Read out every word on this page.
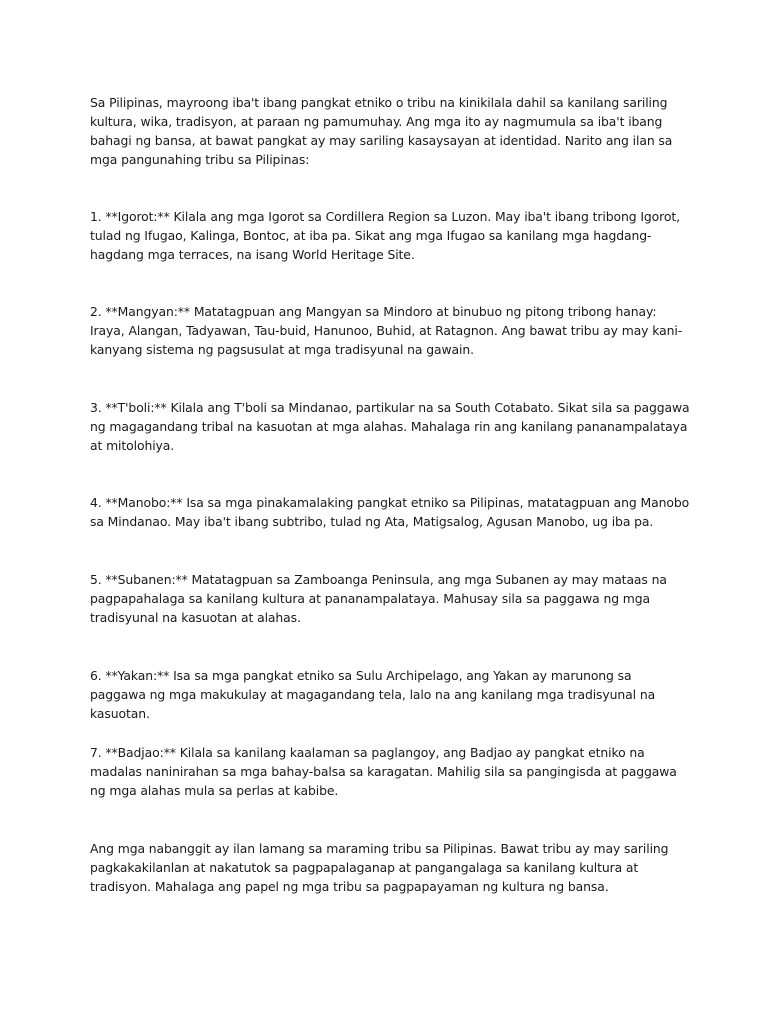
Sa Pilipinas, mayroong iba't ibang pangkat etniko o tribu na kinikilala dahil sa kanilang sariling kultura, wika, tradisyon, at paraan ng pamumuhay. Ang mga ito ay nagmumula sa iba't ibang bahagi ng bansa, at bawat pangkat ay may sariling kasaysayan at identidad. Narito ang ilan sa mga pangunahing tribu sa Pilipinas:

1. **Igorot:** Kilala ang mga Igorot sa Cordillera Region sa Luzon. May iba't ibang tribong Igorot, tulad ng Ifugao, Kalinga, Bontoc, at iba pa. Sikat ang mga Ifugao sa kanilang mga hagdang-hagdang mga terraces, na isang World Heritage Site.

2. **Mangyan:** Matatagpuan ang Mangyan sa Mindoro at binubuo ng pitong tribong hanay: Iraya, Alangan, Tadyawan, Tau-buid, Hanunoo, Buhid, at Ratagnon. Ang bawat tribu ay may kani-kanyang sistema ng pagsusulat at mga tradisyunal na gawain.

3. **T'boli:** Kilala ang T'boli sa Mindanao, partikular na sa South Cotabato. Sikat sila sa paggawa ng magagandang tribal na kasuotan at mga alahas. Mahalaga rin ang kanilang pananampalataya at mitolohiya.

4. **Manobo:** Isa sa mga pinakamalaking pangkat etniko sa Pilipinas, matatagpuan ang Manobo sa Mindanao. May iba't ibang subtribo, tulad ng Ata, Matigsalog, Agusan Manobo, ug iba pa.

5. **Subanen:** Matatagpuan sa Zamboanga Peninsula, ang mga Subanen ay may mataas na pagpapahalaga sa kanilang kultura at pananampalataya. Mahusay sila sa paggawa ng mga tradisyunal na kasuotan at alahas.

6. **Yakan:** Isa sa mga pangkat etniko sa Sulu Archipelago, ang Yakan ay marunong sa paggawa ng mga makukulay at magagandang tela, lalo na ang kanilang mga tradisyunal na kasuotan.

7. **Badjao:** Kilala sa kanilang kaalaman sa paglangoy, ang Badjao ay pangkat etniko na madalas naninirahan sa mga bahay-balsa sa karagatan. Mahilig sila sa pangingisda at paggawa ng mga alahas mula sa perlas at kabibe.

Ang mga nabanggit ay ilan lamang sa maraming tribu sa Pilipinas. Bawat tribu ay may sariling pagkakakilanlan at nakatutok sa pagpapalaganap at pangangalaga sa kanilang kultura at tradisyon. Mahalaga ang papel ng mga tribu sa pagpapayaman ng kultura ng bansa.
